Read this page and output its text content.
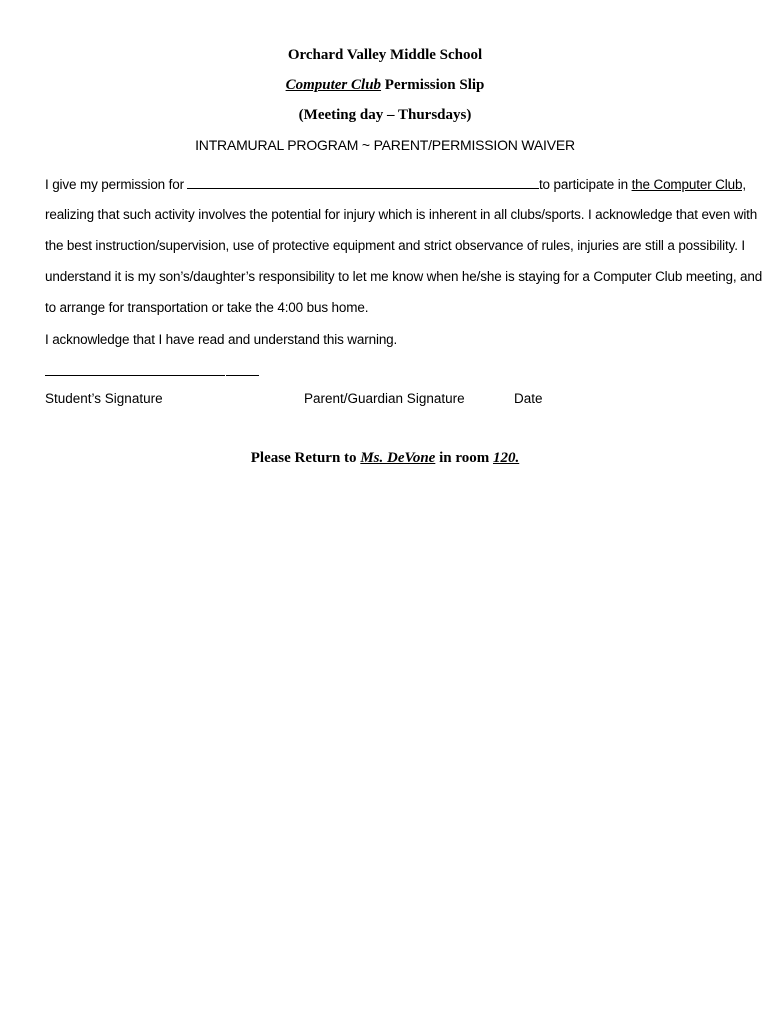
Orchard Valley Middle School
Computer Club Permission Slip
(Meeting day – Thursdays)
INTRAMURAL PROGRAM ~ PARENT/PERMISSION WAIVER
I give my permission for	to participate in the Computer Club,
realizing that such activity involves the potential for injury which is inherent in all clubs/sports. I acknowledge that even with
the best instruction/supervision, use of protective equipment and strict observance of rules, injuries are still a possibility. I
understand it is my son’s/daughter’s responsibility to let me know when he/she is staying for a Computer Club meeting, and
to arrange for transportation or take the 4:00 bus home.
I acknowledge that I have read and understand this warning.
Student’s Signature	Parent/Guardian Signature	Date
Please Return to Ms. DeVone in room 120.
